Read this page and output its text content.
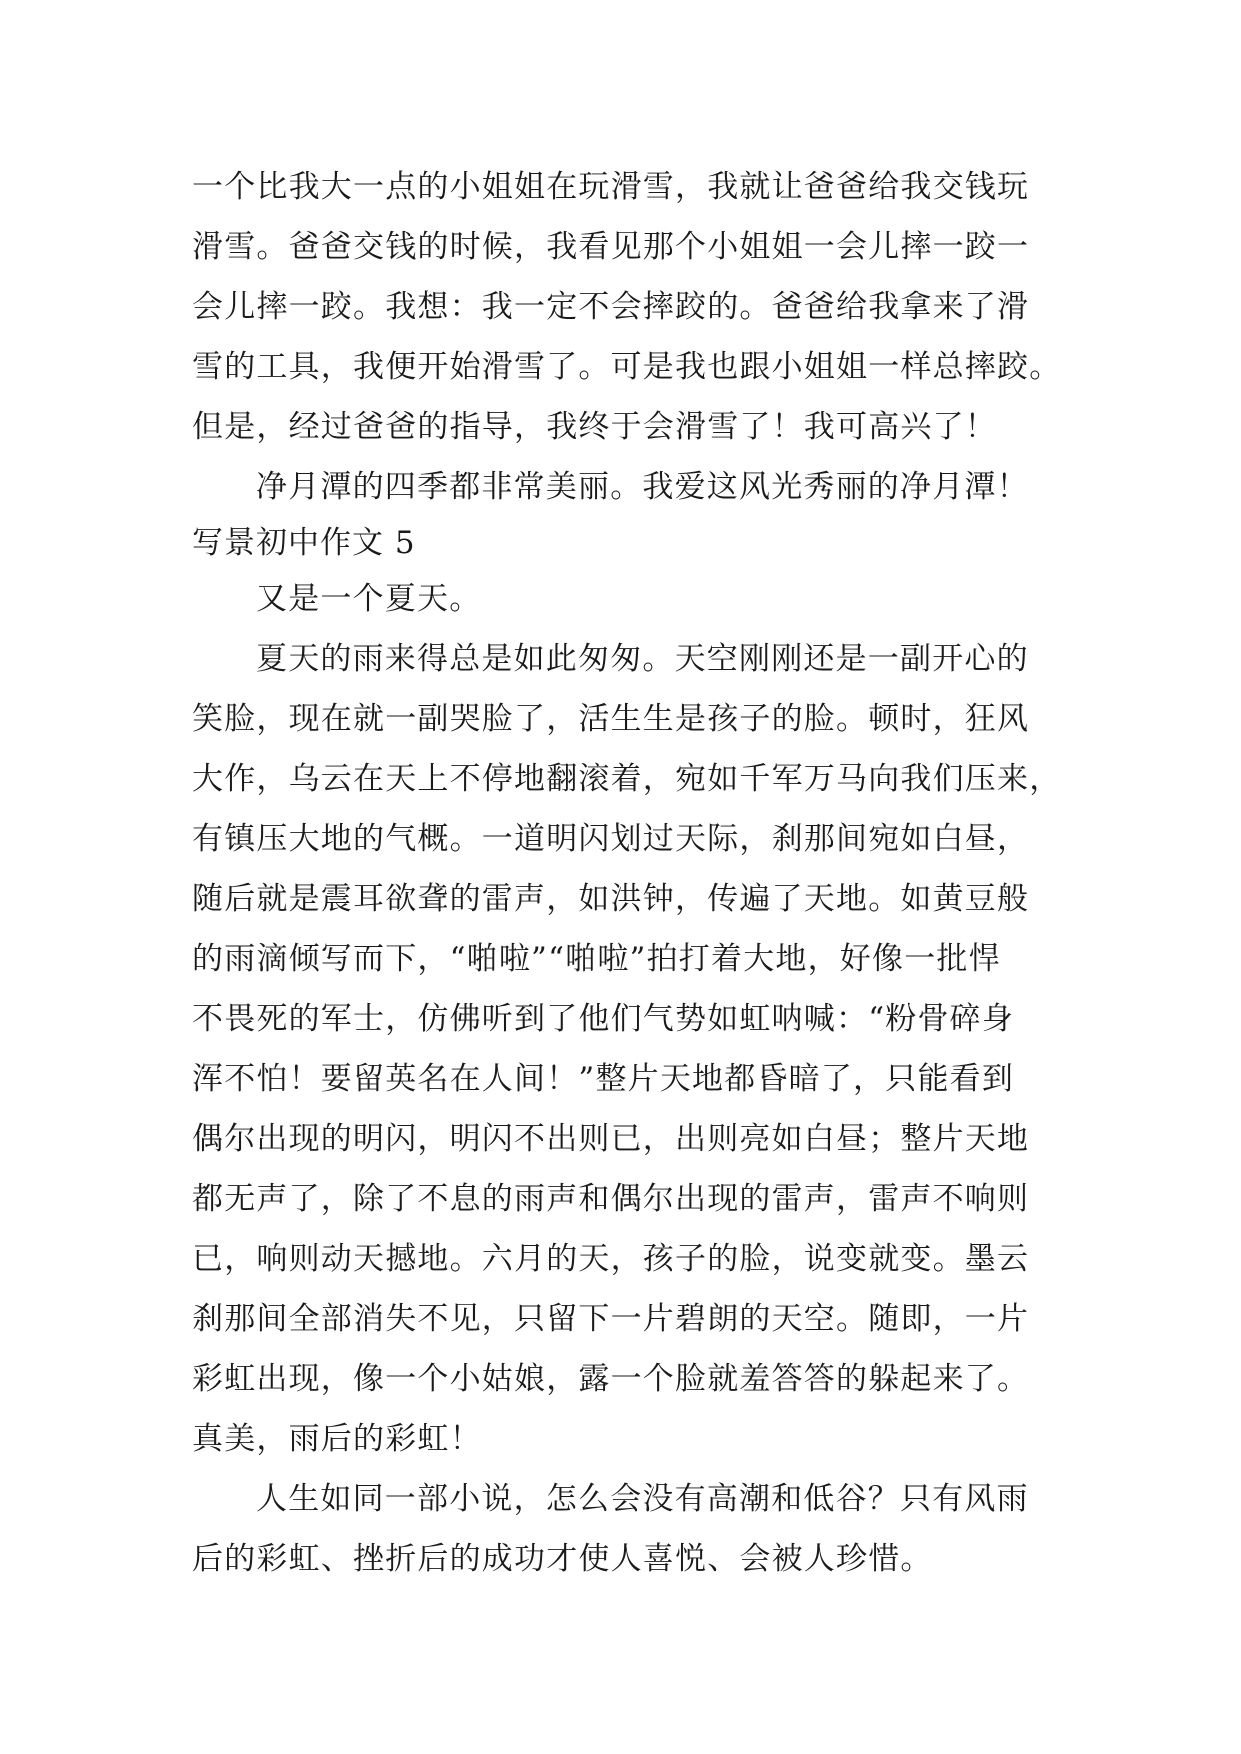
一个比我大一点的小姐姐在玩滑雪，我就让爸爸给我交钱玩
滑雪。爸爸交钱的时候，我看见那个小姐姐一会儿摔一跤一
会儿摔一跤。我想：我一定不会摔跤的。爸爸给我拿来了滑
雪的工具，我便开始滑雪了。可是我也跟小姐姐一样总摔跤。
但是，经过爸爸的指导，我终于会滑雪了！我可高兴了！
净月潭的四季都非常美丽。我爱这风光秀丽的净月潭！
写景初中作文 5
又是一个夏天。
夏天的雨来得总是如此匆匆。天空刚刚还是一副开心的
笑脸，现在就一副哭脸了，活生生是孩子的脸。顿时，狂风
大作，乌云在天上不停地翻滚着，宛如千军万马向我们压来，
有镇压大地的气概。一道明闪划过天际，刹那间宛如白昼，
随后就是震耳欲聋的雷声，如洪钟，传遍了天地。如黄豆般
的雨滴倾写而下，“啪啦”“啪啦”拍打着大地，好像一批悍
不畏死的军士，仿佛听到了他们气势如虹呐喊：“粉骨碎身
浑不怕！要留英名在人间！”整片天地都昏暗了，只能看到
偶尔出现的明闪，明闪不出则已，出则亮如白昼；整片天地
都无声了，除了不息的雨声和偶尔出现的雷声，雷声不响则
已，响则动天撼地。六月的天，孩子的脸，说变就变。墨云
刹那间全部消失不见，只留下一片碧朗的天空。随即，一片
彩虹出现，像一个小姑娘，露一个脸就羞答答的躲起来了。
真美，雨后的彩虹！
人生如同一部小说，怎么会没有高潮和低谷？只有风雨
后的彩虹、挫折后的成功才使人喜悦、会被人珍惜。
